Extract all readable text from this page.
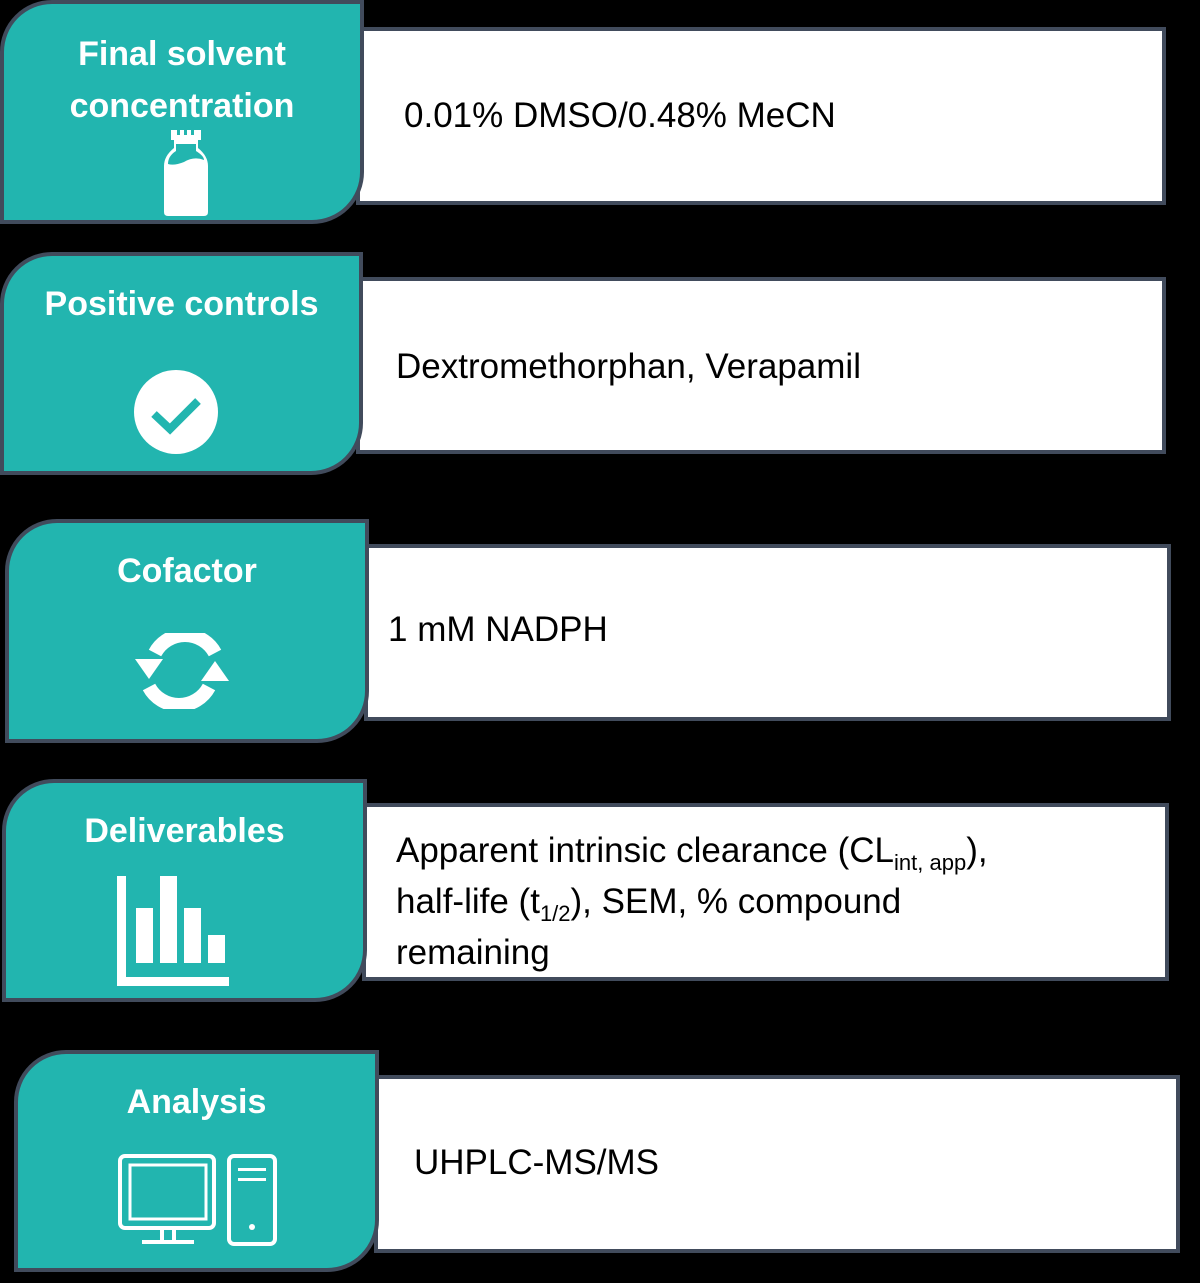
0.01% DMSO/0.48% MeCN
Final solvent
concentration
Dextromethorphan, Verapamil
Positive controls
1 mM NADPH
Cofactor
Apparent intrinsic clearance $(CL_{int, app})$,
half-life $(t_{1/2})$, SEM, % compound
remaining
Deliverables
UHPLC-MS/MS
Analysis
